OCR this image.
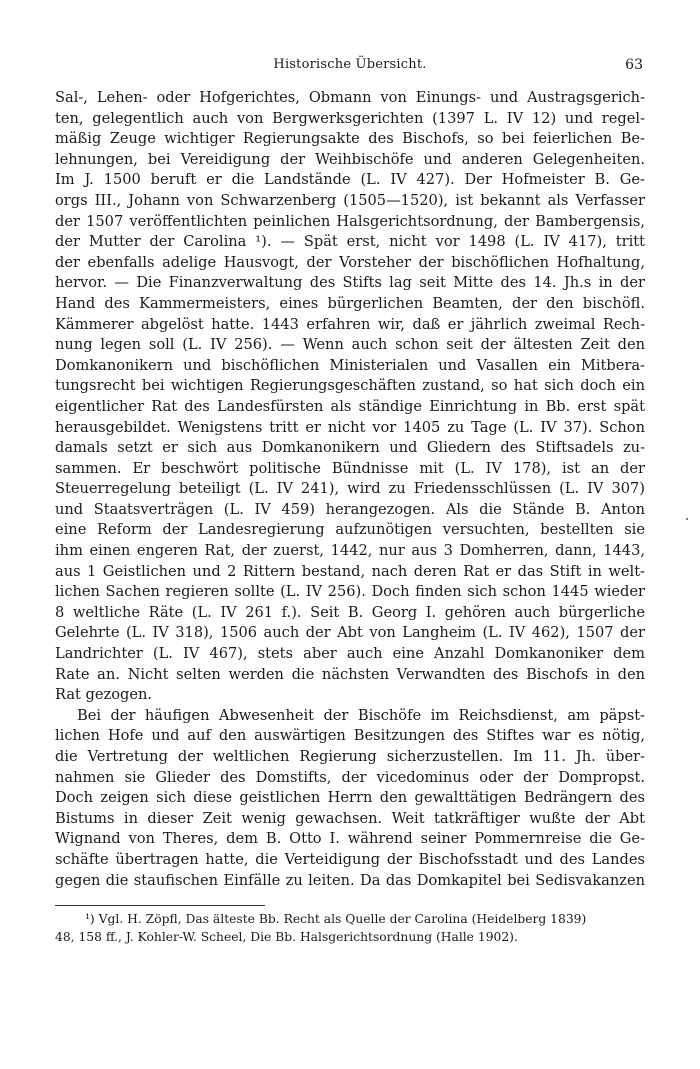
Historische Übersicht.	63
Sal-, Lehen- oder Hofgerichtes, Obmann von Einungs- und Austragsgerich-
ten, gelegentlich auch von Bergwerksgerichten (1397 L. IV 12) und regel-
mäßig Zeuge wichtiger Regierungsakte des Bischofs, so bei feierlichen Be-
lehnungen, bei Vereidigung der Weihbischöfe und anderen Gelegenheiten.
Im J. 1500 beruft er die Landstände (L. IV 427). Der Hofmeister B. Ge-
orgs III., Johann von Schwarzenberg (1505—1520), ist bekannt als Verfasser
der 1507 veröffentlichten peinlichen Halsgerichtsordnung, der Bambergensis,
der Mutter der Carolina ¹). — Spät erst, nicht vor 1498 (L. IV 417), tritt
der ebenfalls adelige Hausvogt, der Vorsteher der bischöflichen Hofhaltung,
hervor. — Die Finanzverwaltung des Stifts lag seit Mitte des 14. Jh.s in der
Hand des Kammermeisters, eines bürgerlichen Beamten, der den bischöfl.
Kämmerer abgelöst hatte. 1443 erfahren wir, daß er jährlich zweimal Rech-
nung legen soll (L. IV 256). — Wenn auch schon seit der ältesten Zeit den
Domkanonikern und bischöflichen Ministerialen und Vasallen ein Mitbera-
tungsrecht bei wichtigen Regierungsgeschäften zustand, so hat sich doch ein
eigentlicher Rat des Landesfürsten als ständige Einrichtung in Bb. erst spät
herausgebildet. Wenigstens tritt er nicht vor 1405 zu Tage (L. IV 37). Schon
damals setzt er sich aus Domkanonikern und Gliedern des Stiftsadels zu-
sammen. Er beschwört politische Bündnisse mit (L. IV 178), ist an der
Steuerregelung beteiligt (L. IV 241), wird zu Friedensschlüssen (L. IV 307)
und Staatsverträgen (L. IV 459) herangezogen. Als die Stände B. Anton
eine Reform der Landesregierung aufzunötigen versuchten, bestellten sie
ihm einen engeren Rat, der zuerst, 1442, nur aus 3 Domherren, dann, 1443,
aus 1 Geistlichen und 2 Rittern bestand, nach deren Rat er das Stift in welt-
lichen Sachen regieren sollte (L. IV 256). Doch finden sich schon 1445 wieder
8 weltliche Räte (L. IV 261 f.). Seit B. Georg I. gehören auch bürgerliche
Gelehrte (L. IV 318), 1506 auch der Abt von Langheim (L. IV 462), 1507 der
Landrichter (L. IV 467), stets aber auch eine Anzahl Domkanoniker dem
Rate an. Nicht selten werden die nächsten Verwandten des Bischofs in den
Rat gezogen.
Bei der häufigen Abwesenheit der Bischöfe im Reichsdienst, am päpst-
lichen Hofe und auf den auswärtigen Besitzungen des Stiftes war es nötig,
die Vertretung der weltlichen Regierung sicherzustellen. Im 11. Jh. über-
nahmen sie Glieder des Domstifts, der vicedominus oder der Dompropst.
Doch zeigen sich diese geistlichen Herrn den gewalttätigen Bedrängern des
Bistums in dieser Zeit wenig gewachsen. Weit tatkräftiger wußte der Abt
Wignand von Theres, dem B. Otto I. während seiner Pommernreise die Ge-
schäfte übertragen hatte, die Verteidigung der Bischofsstadt und des Landes
gegen die staufischen Einfälle zu leiten. Da das Domkapitel bei Sedisvakanzen
¹) Vgl. H. Zöpfl, Das älteste Bb. Recht als Quelle der Carolina (Heidelberg 1839)
48, 158 ff., J. Kohler-W. Scheel, Die Bb. Halsgerichtsordnung (Halle 1902).
